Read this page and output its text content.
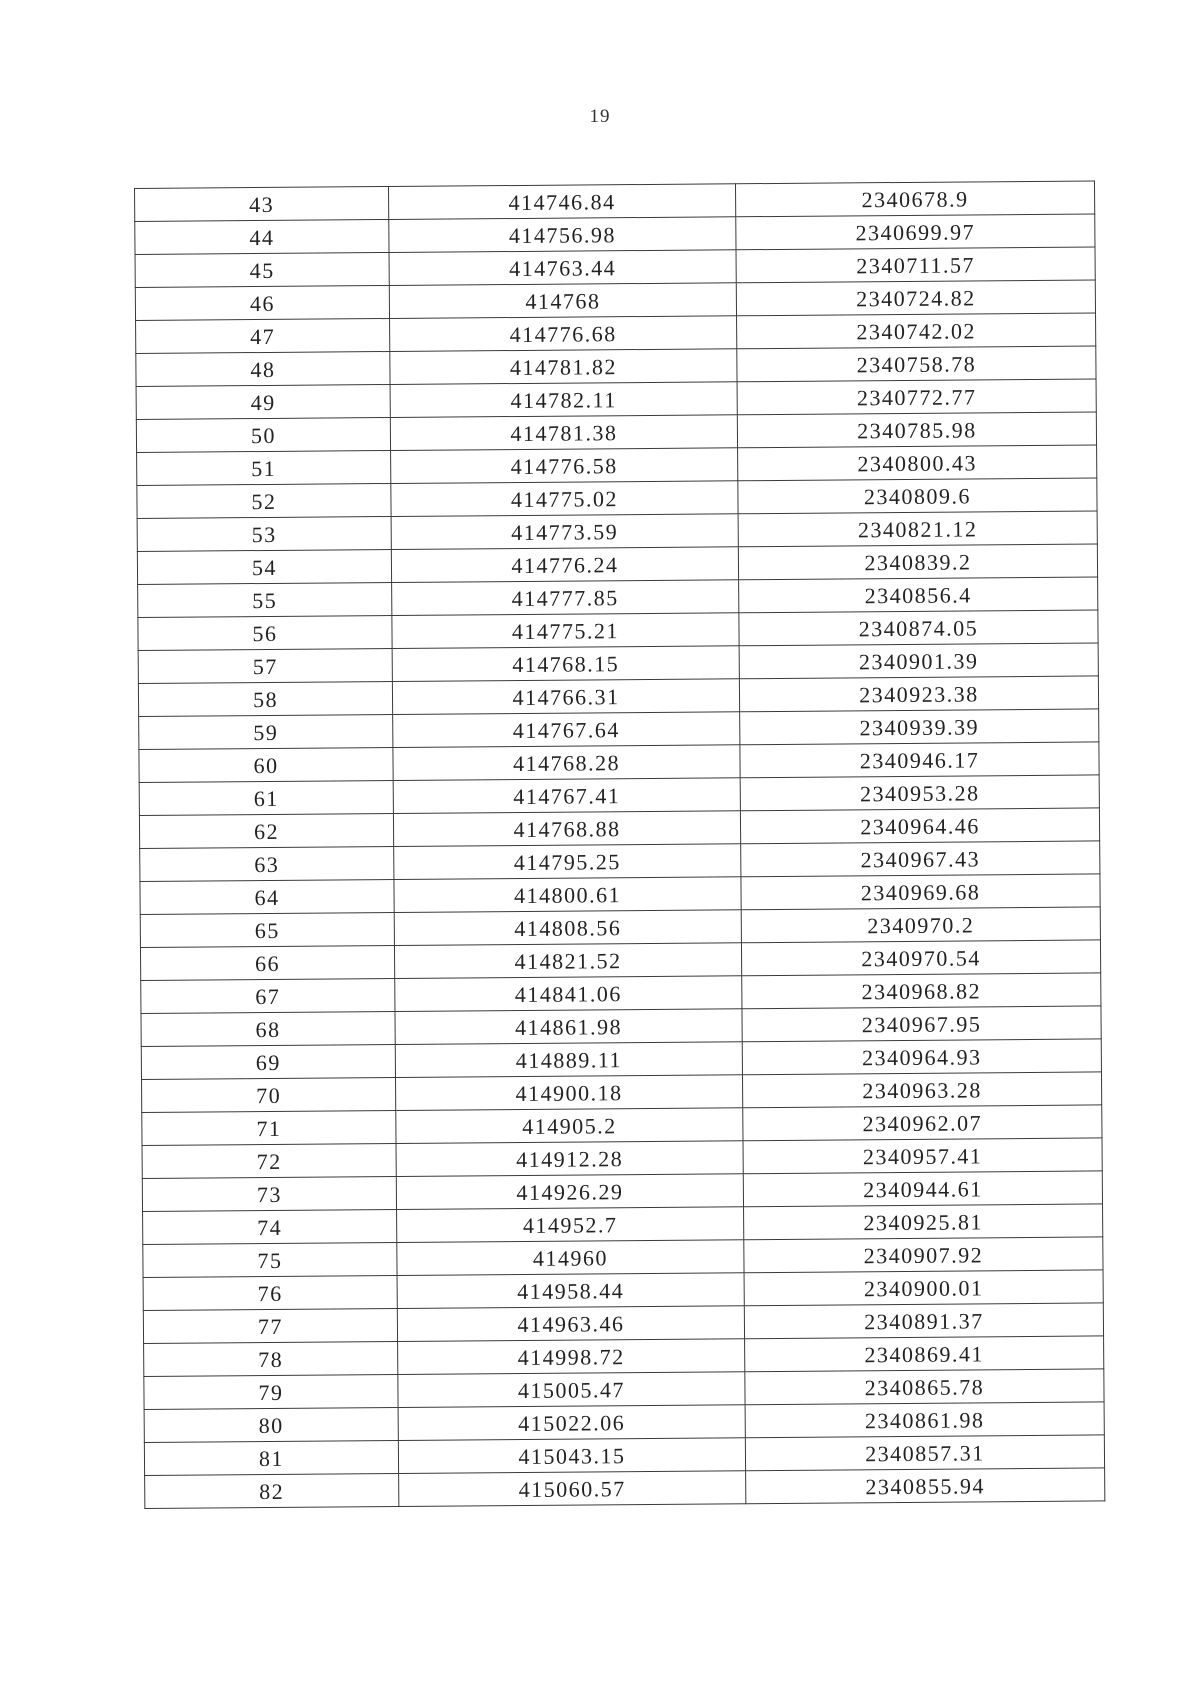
19
43	414746.84	2340678.9
44	414756.98	2340699.97
45	414763.44	2340711.57
46	414768	2340724.82
47	414776.68	2340742.02
48	414781.82	2340758.78
49	414782.11	2340772.77
50	414781.38	2340785.98
51	414776.58	2340800.43
52	414775.02	2340809.6
53	414773.59	2340821.12
54	414776.24	2340839.2
55	414777.85	2340856.4
56	414775.21	2340874.05
57	414768.15	2340901.39
58	414766.31	2340923.38
59	414767.64	2340939.39
60	414768.28	2340946.17
61	414767.41	2340953.28
62	414768.88	2340964.46
63	414795.25	2340967.43
64	414800.61	2340969.68
65	414808.56	2340970.2
66	414821.52	2340970.54
67	414841.06	2340968.82
68	414861.98	2340967.95
69	414889.11	2340964.93
70	414900.18	2340963.28
71	414905.2	2340962.07
72	414912.28	2340957.41
73	414926.29	2340944.61
74	414952.7	2340925.81
75	414960	2340907.92
76	414958.44	2340900.01
77	414963.46	2340891.37
78	414998.72	2340869.41
79	415005.47	2340865.78
80	415022.06	2340861.98
81	415043.15	2340857.31
82	415060.57	2340855.94
